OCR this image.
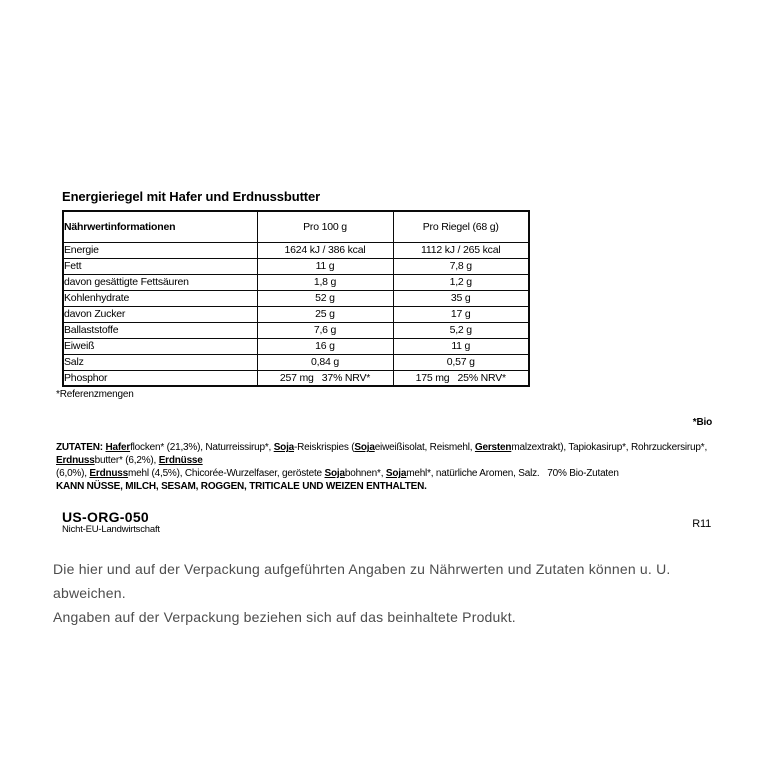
Energieriegel mit Hafer und Erdnussbutter
Nährwertinformationen	Pro 100 g	Pro Riegel (68 g)
Energie	1624 kJ / 386 kcal	1112 kJ / 265 kcal
Fett	11 g	7,8 g
davon gesättigte Fettsäuren	1,8 g	1,2 g
Kohlenhydrate	52 g	35 g
davon Zucker	25 g	17 g
Ballaststoffe	7,6 g	5,2 g
Eiweiß	16 g	11 g
Salz	0,84 g	0,57 g
Phosphor	257 mg   37% NRV*	175 mg   25% NRV*
*Referenzmengen

*Bio

ZUTATEN: Haferflocken* (21,3%), Naturreissirup*, Soja-Reiskrispies (Sojaeiweißisolat, Reismehl, Gerstenmalzextrakt), Tapiokasirup*, Rohrzuckersirup*, Erdnussbutter* (6,2%), Erdnüsse
(6,0%), Erdnussmehl (4,5%), Chicorée-Wurzelfaser, geröstete Sojabohnen*, Sojamehl*, natürliche Aromen, Salz.   70% Bio-Zutaten
KANN NÜSSE, MILCH, SESAM, ROGGEN, TRITICALE UND WEIZEN ENTHALTEN.
US-ORG-050
Nicht-EU-Landwirtschaft	R11
Die hier und auf der Verpackung aufgeführten Angaben zu Nährwerten und Zutaten können u. U. abweichen.
Angaben auf der Verpackung beziehen sich auf das beinhaltete Produkt.
